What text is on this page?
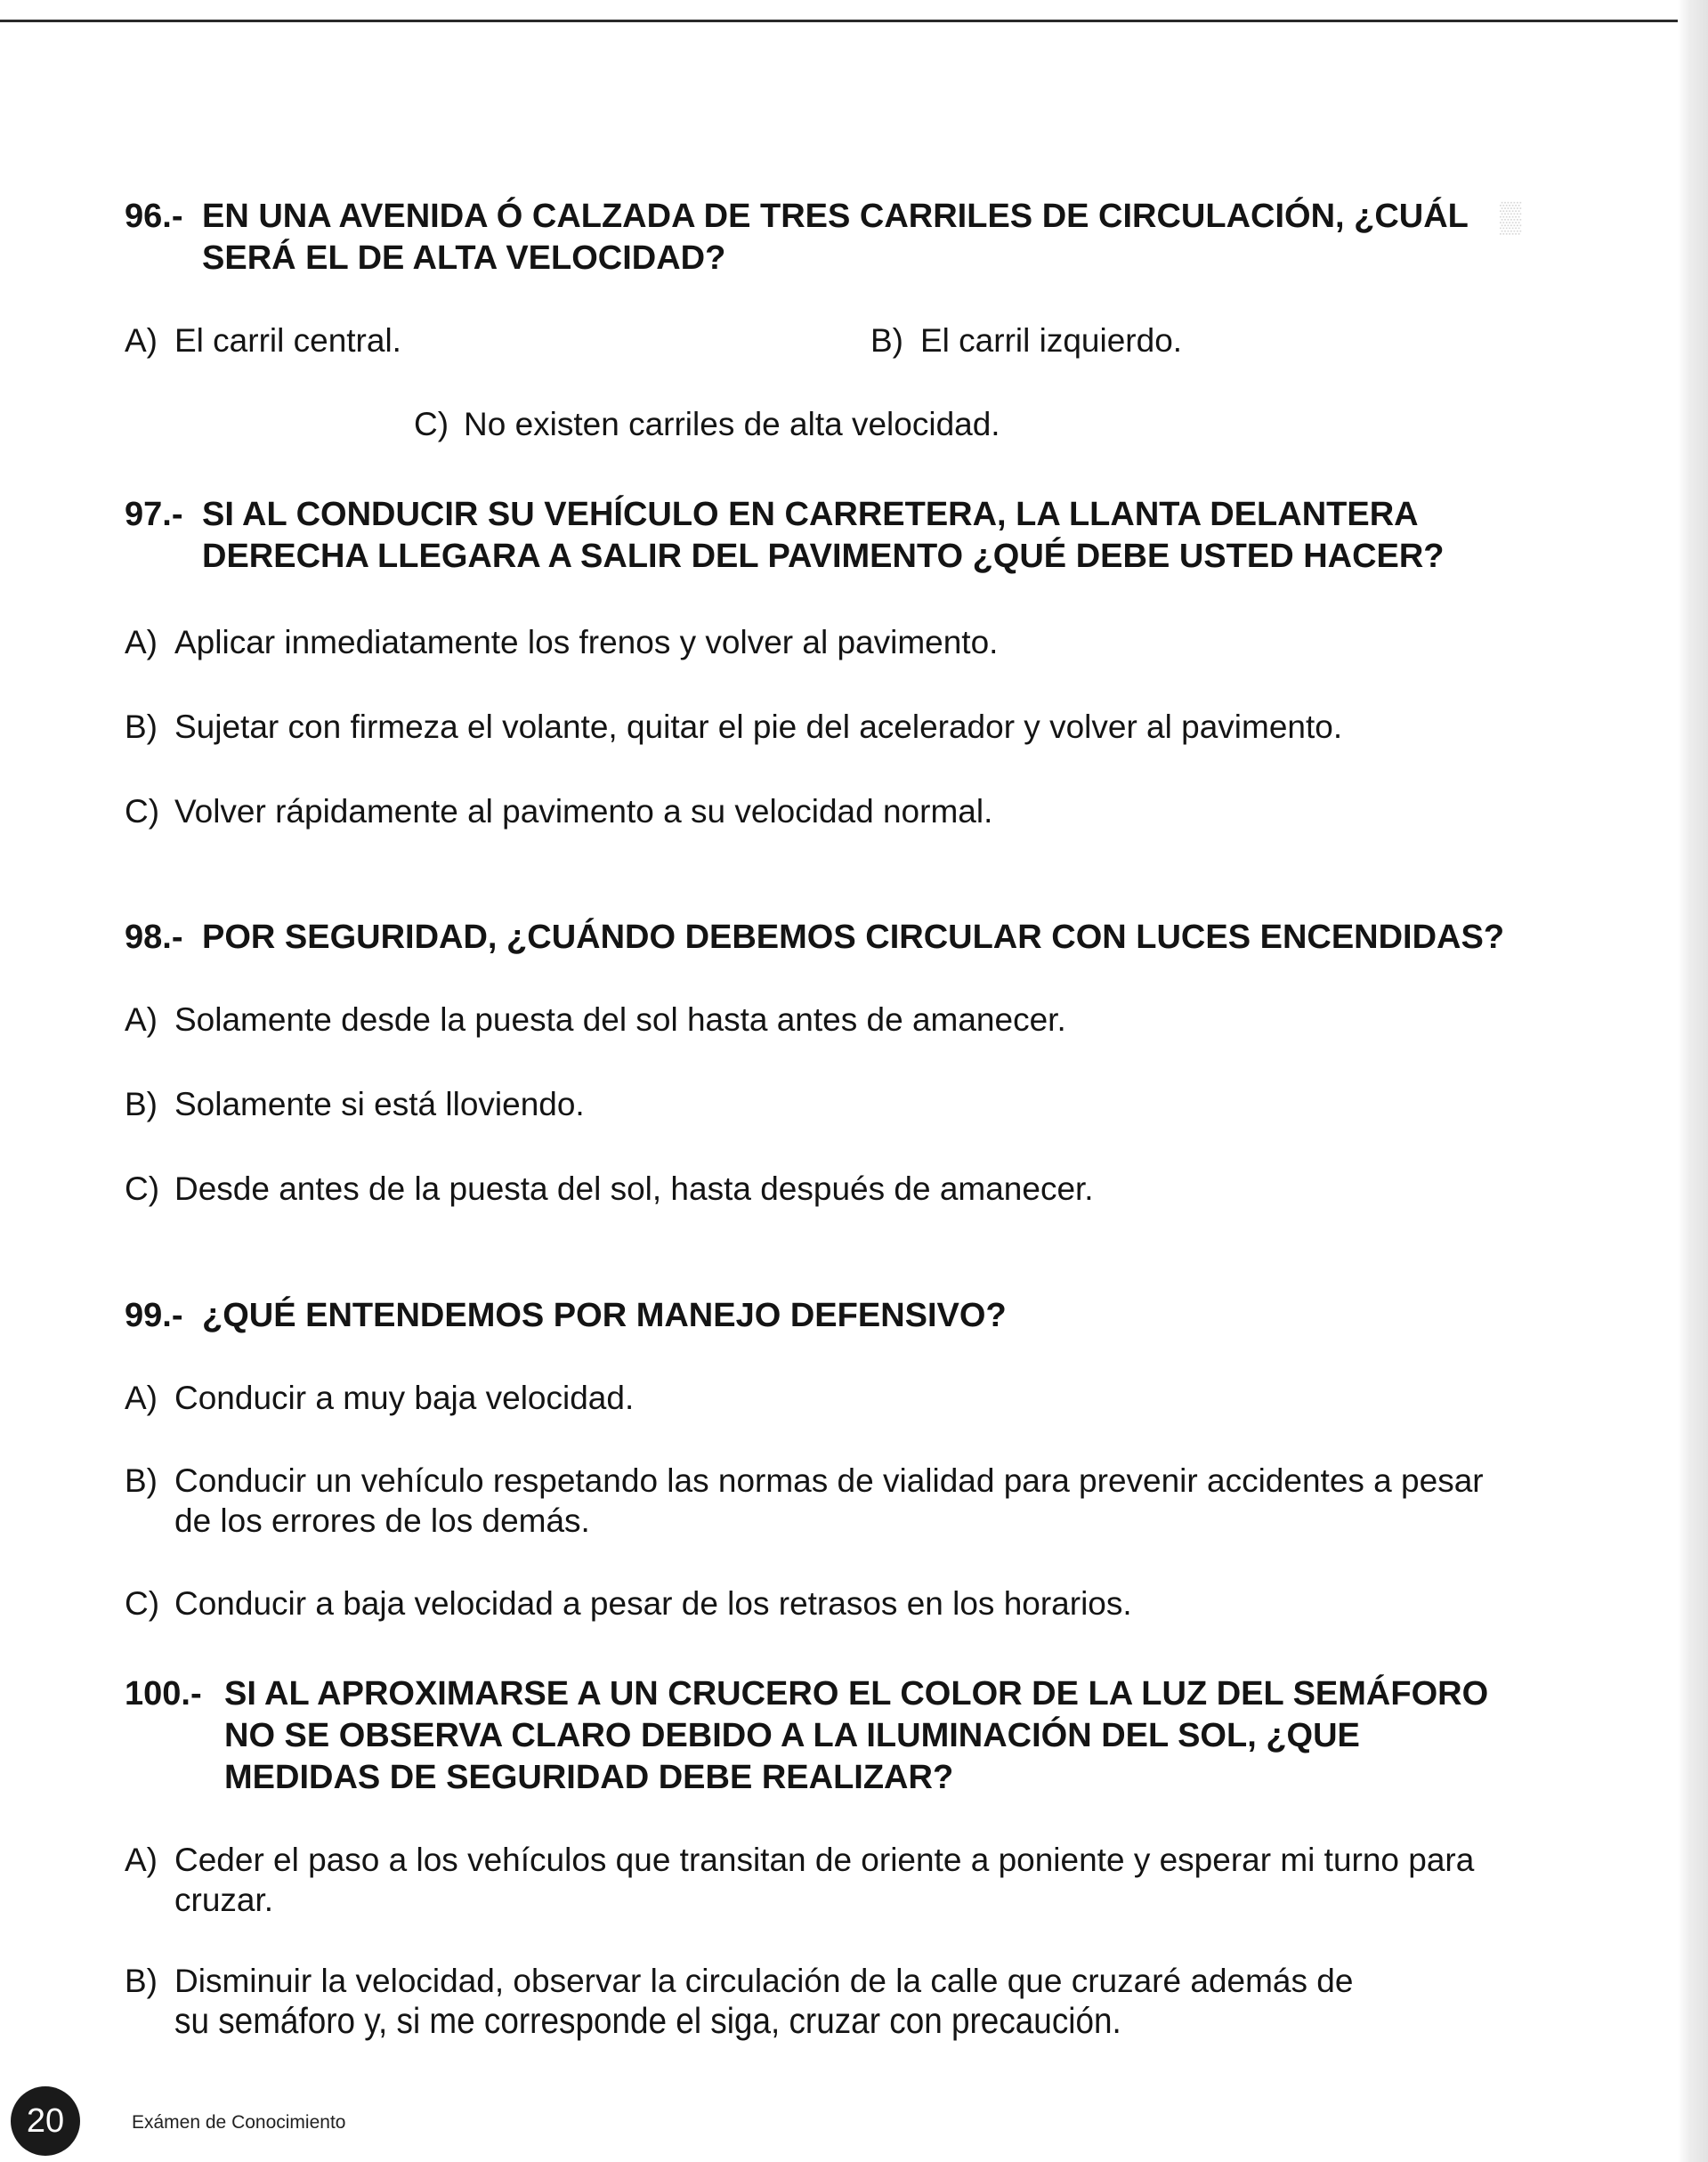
▒

96.- EN UNA AVENIDA Ó CALZADA DE TRES CARRILES DE CIRCULACIÓN, ¿CUÁL SERÁ EL DE ALTA VELOCIDAD?

A) El carril central.	B) El carril izquierdo.

C) No existen carriles de alta velocidad.

97.- SI AL CONDUCIR SU VEHÍCULO EN CARRETERA, LA LLANTA DELANTERA DERECHA LLEGARA A SALIR DEL PAVIMENTO ¿QUÉ DEBE USTED HACER?

A) Aplicar inmediatamente los frenos y volver al pavimento.

B) Sujetar con firmeza el volante, quitar el pie del acelerador y volver al pavimento.

C) Volver rápidamente al pavimento a su velocidad normal.

98.- POR SEGURIDAD, ¿CUÁNDO DEBEMOS CIRCULAR CON LUCES ENCENDIDAS?

A) Solamente desde la puesta del sol hasta antes de amanecer.

B) Solamente si está lloviendo.

C) Desde antes de la puesta del sol, hasta después de amanecer.

99.- ¿QUÉ ENTENDEMOS POR MANEJO DEFENSIVO?

A) Conducir a muy baja velocidad.

B) Conducir un vehículo respetando las normas de vialidad para prevenir accidentes a pesar de los errores de los demás.

C) Conducir a baja velocidad a pesar de los retrasos en los horarios.

100.- SI AL APROXIMARSE A UN CRUCERO EL COLOR DE LA LUZ DEL SEMÁFORO NO SE OBSERVA CLARO DEBIDO A LA ILUMINACIÓN DEL SOL, ¿QUE MEDIDAS DE SEGURIDAD DEBE REALIZAR?

A) Ceder el paso a los vehículos que transitan de oriente a poniente y esperar mi turno para cruzar.

B) Disminuir la velocidad, observar la circulación de la calle que cruzaré además de
su semáforo y, si me corresponde el siga, cruzar con precaución.

20	Exámen de Conocimiento
